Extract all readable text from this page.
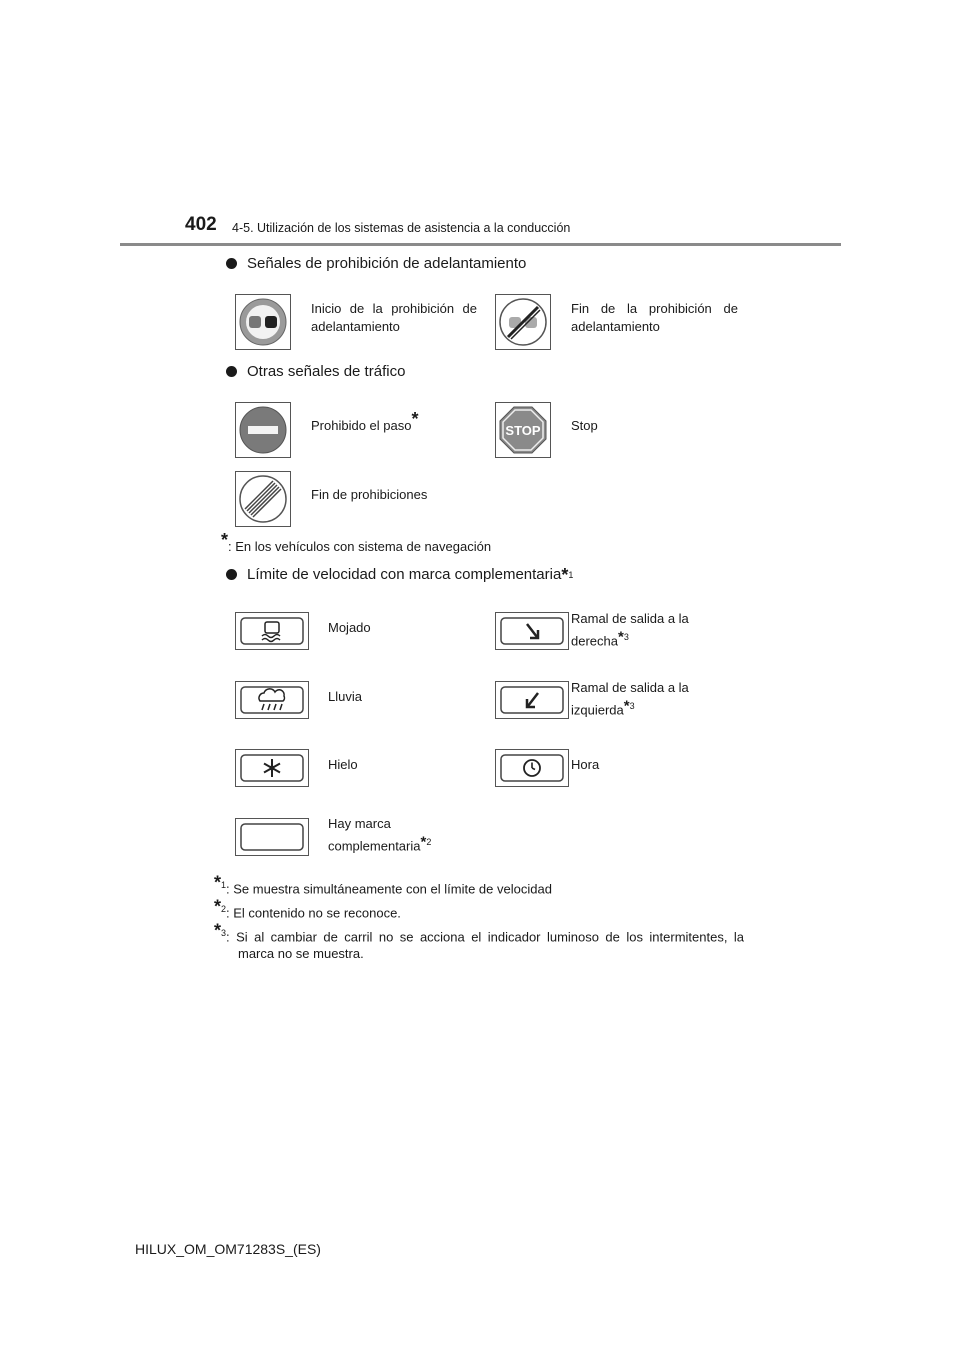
402 4-5. Utilización de los sistemas de asistencia a la conducción
Señales de prohibición de adelantamiento
Inicio de la prohibición de adelantamiento
Fin de la prohibición de adelantamiento
Otras señales de tráfico
Prohibido el paso*
STOP Stop
Fin de prohibiciones
*: En los vehículos con sistema de navegación
Límite de velocidad con marca complementaria * 1
Mojado
Ramal de salida a la
derecha*$^3$
Lluvia
Ramal de salida a la
izquierda*$^3$
Hielo	Hora
Hay marca
complementaria*$^2$
*$^1$: Se muestra simultáneamente con el límite de velocidad
*$^2$: El contenido no se reconoce.
*$^3$: Si al cambiar de carril no se acciona el indicador luminoso de los intermitentes, la
marca no se muestra.
HILUX_OM_OM71283S_(ES)
